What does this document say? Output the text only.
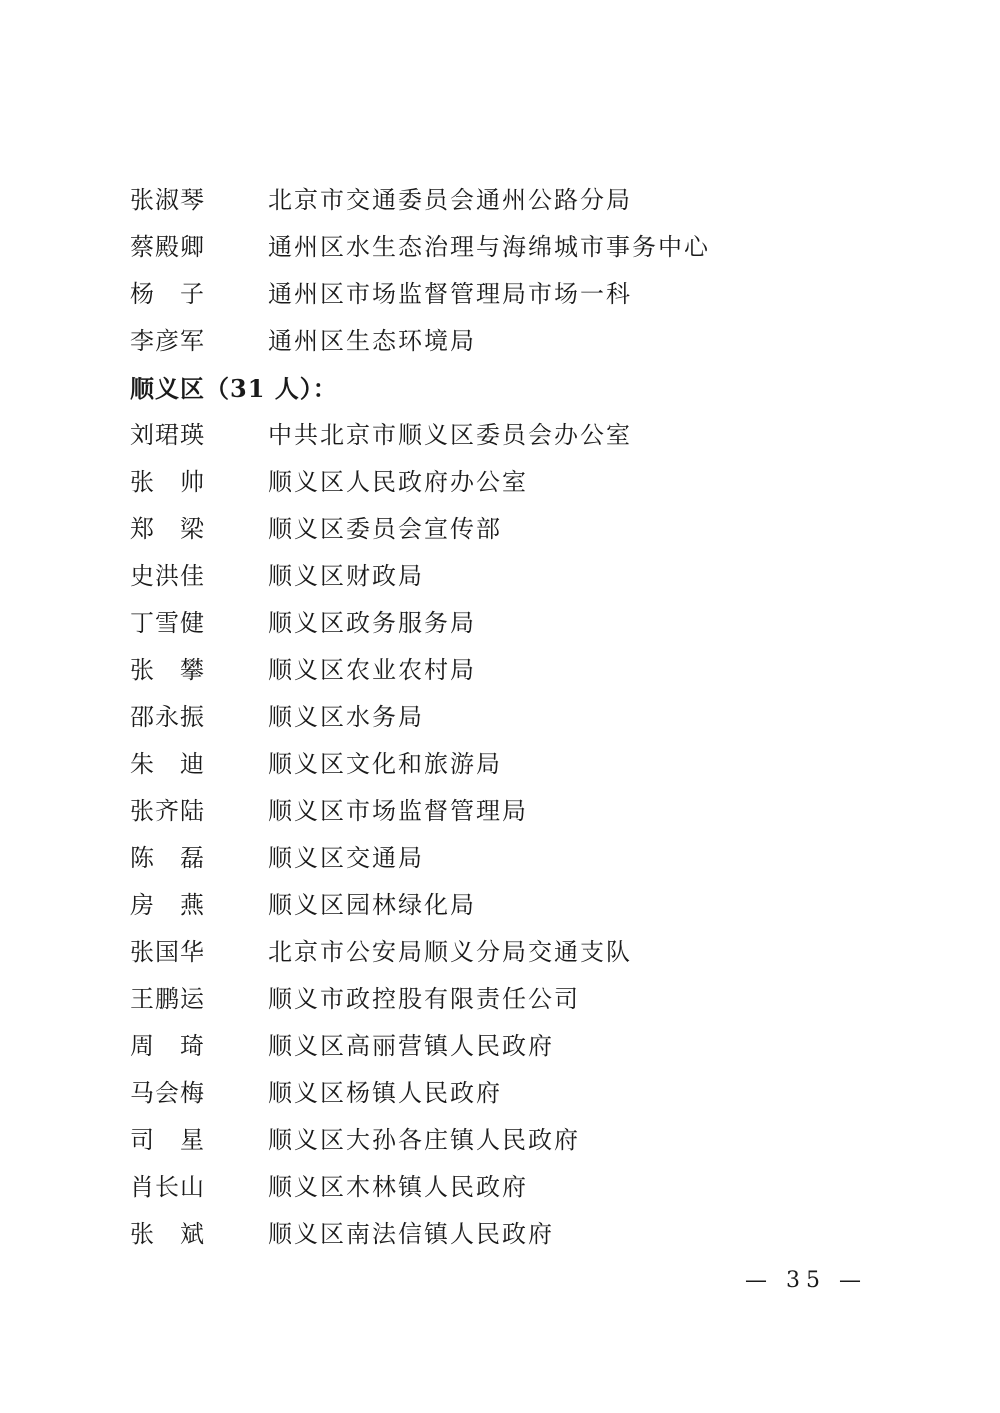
张淑琴	北京市交通委员会通州公路分局
蔡殿卿	通州区水生态治理与海绵城市事务中心
杨　子	通州区市场监督管理局市场一科
李彦军	通州区生态环境局
顺义区（31 人）：
刘珺瑛	中共北京市顺义区委员会办公室
张　帅	顺义区人民政府办公室
郑　梁	顺义区委员会宣传部
史洪佳	顺义区财政局
丁雪健	顺义区政务服务局
张　攀	顺义区农业农村局
邵永振	顺义区水务局
朱　迪	顺义区文化和旅游局
张齐陆	顺义区市场监督管理局
陈　磊	顺义区交通局
房　燕	顺义区园林绿化局
张国华	北京市公安局顺义分局交通支队
王鹏运	顺义市政控股有限责任公司
周　琦	顺义区高丽营镇人民政府
马会梅	顺义区杨镇人民政府
司　星	顺义区大孙各庄镇人民政府
肖长山	顺义区木林镇人民政府
张　斌	顺义区南法信镇人民政府
— 35 —
